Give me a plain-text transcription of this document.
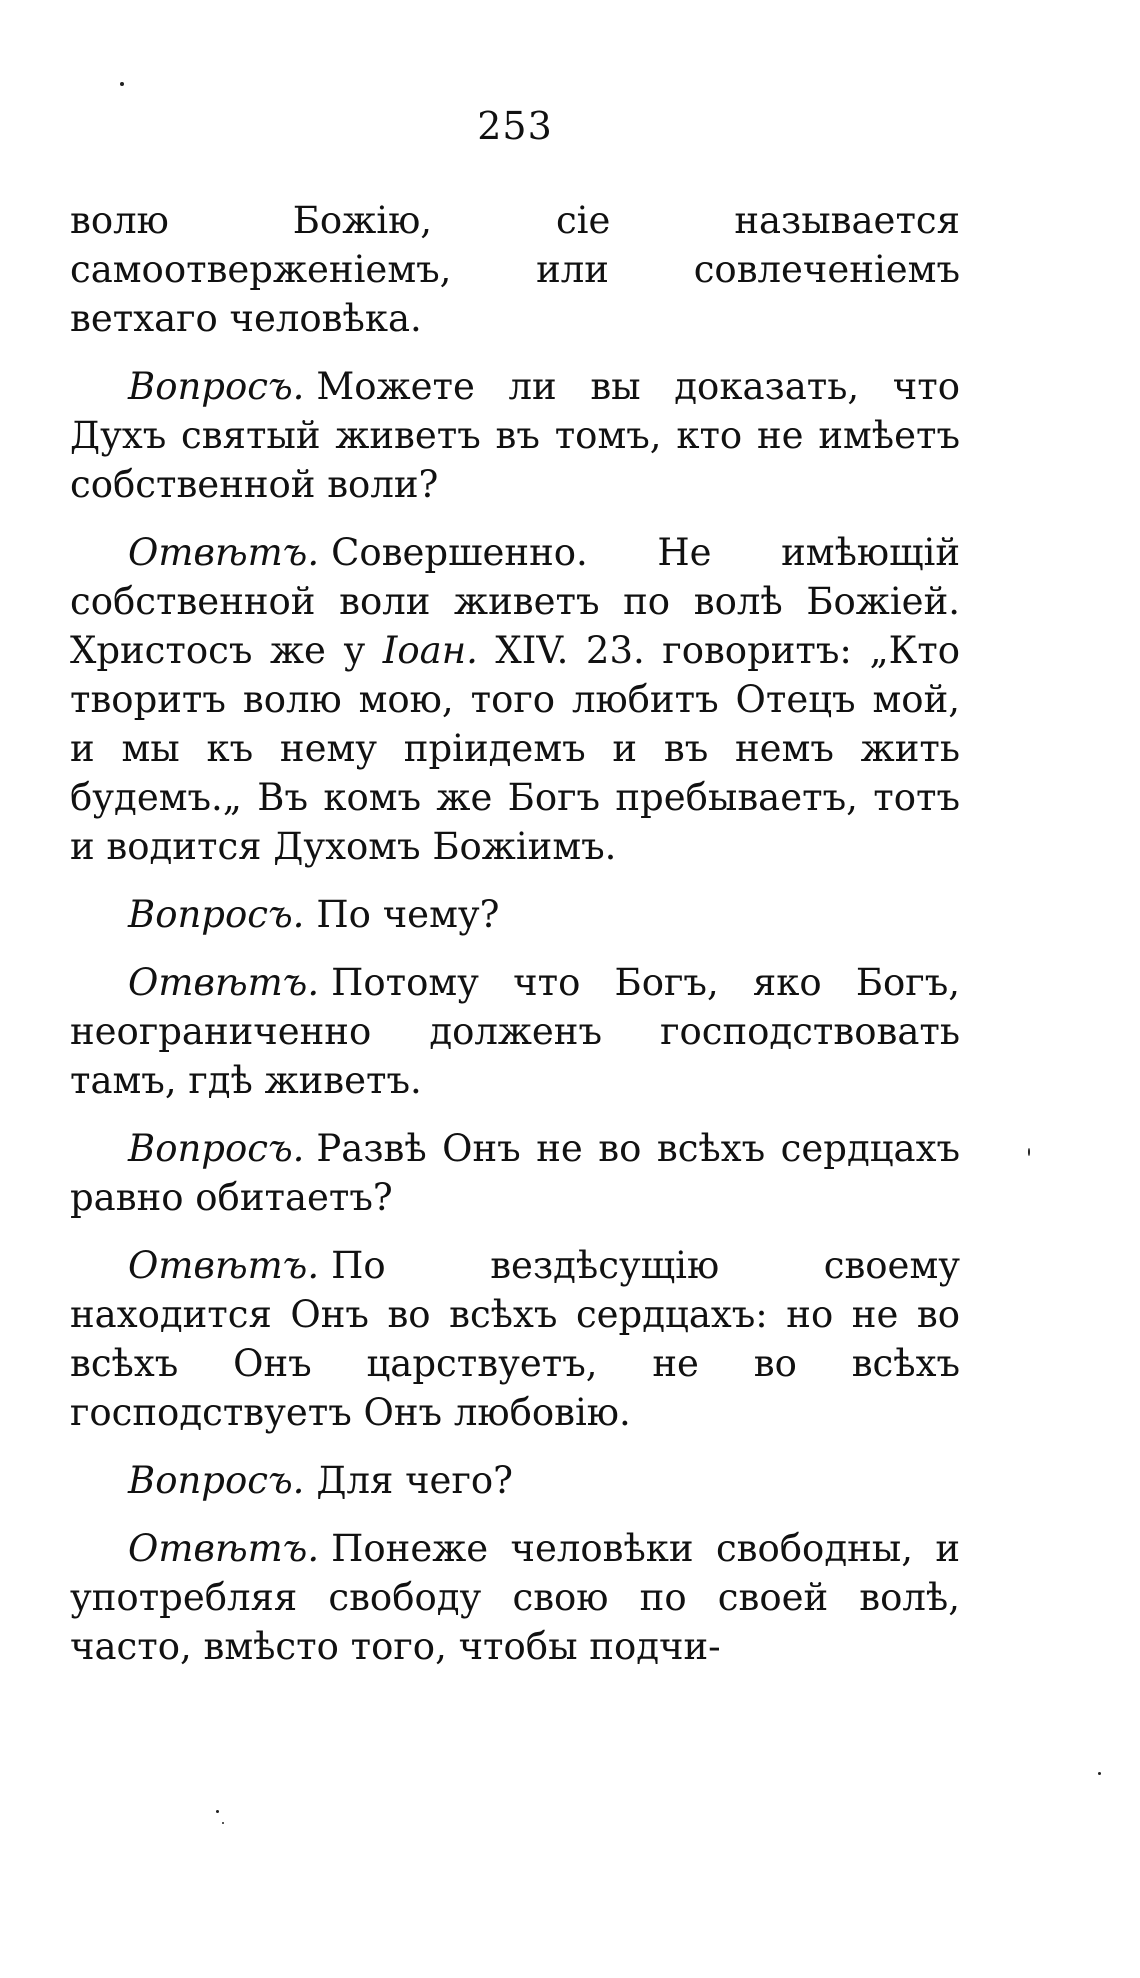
253

волю Божію, сіе называется самоотверженіемъ, или совлеченіемъ ветхаго человѣка.

Вопросъ. Можете ли вы доказать, что Духъ святый живетъ въ томъ, кто не имѣетъ собственной воли?

Отвѣтъ. Совершенно. Не имѣющій собственной воли живетъ по волѣ Божіей. Христосъ же у Іоан. XIV. 23. говоритъ: „Кто творитъ волю мою, того любитъ Отецъ мой, и мы къ нему пріидемъ и въ немъ жить будемъ.„ Въ комъ же Богъ пребываетъ, тотъ и водится Духомъ Божіимъ.

Вопросъ. По чему?

Отвѣтъ. Потому что Богъ, яко Богъ, неограниченно долженъ господствовать тамъ, гдѣ живетъ.

Вопросъ. Развѣ Онъ не во всѣхъ сердцахъ равно обитаетъ?

Отвѣтъ. По вездѣсущію своему находится Онъ во всѣхъ сердцахъ: но не во всѣхъ Онъ царствуетъ, не во всѣхъ господствуетъ Онъ любовію.

Вопросъ. Для чего?

Отвѣтъ. Понеже человѣки свободны, и употребляя свободу свою по своей волѣ, часто, вмѣсто того, чтобы подчи-
